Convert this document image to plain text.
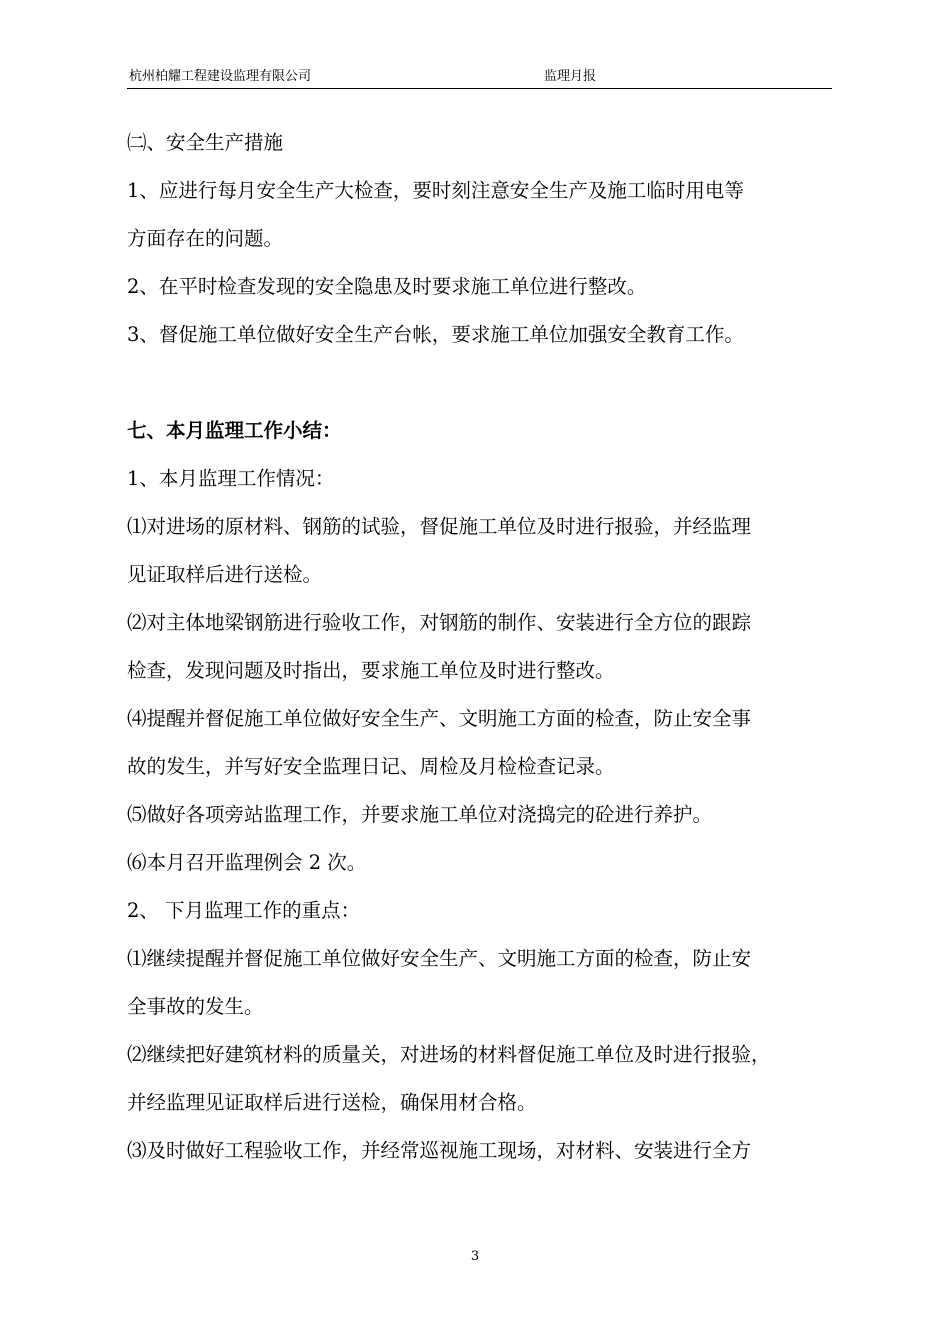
杭州柏耀工程建设监理有限公司	监理月报
㈡、安全生产措施
1、应进行每月安全生产大检查，要时刻注意安全生产及施工临时用电等
方面存在的问题。
2、在平时检查发现的安全隐患及时要求施工单位进行整改。
3、督促施工单位做好安全生产台帐，要求施工单位加强安全教育工作。
七、本月监理工作小结：
1、本月监理工作情况：
⑴对进场的原材料、钢筋的试验，督促施工单位及时进行报验，并经监理
见证取样后进行送检。
⑵对主体地梁钢筋进行验收工作，对钢筋的制作、安装进行全方位的跟踪
检查，发现问题及时指出，要求施工单位及时进行整改。
⑷提醒并督促施工单位做好安全生产、文明施工方面的检查，防止安全事
故的发生，并写好安全监理日记、周检及月检检查记录。
⑸做好各项旁站监理工作，并要求施工单位对浇捣完的砼进行养护。
⑹本月召开监理例会 2 次。
2、 下月监理工作的重点：
⑴继续提醒并督促施工单位做好安全生产、文明施工方面的检查，防止安
全事故的发生。
⑵继续把好建筑材料的质量关，对进场的材料督促施工单位及时进行报验，
并经监理见证取样后进行送检，确保用材合格。
⑶及时做好工程验收工作，并经常巡视施工现场，对材料、安装进行全方
3
